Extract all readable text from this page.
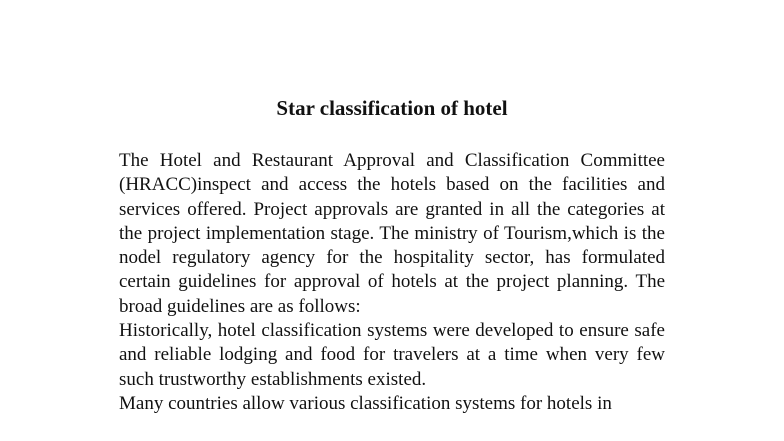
Star classification of hotel

The Hotel and Restaurant Approval and Classification Committee (HRACC)inspect and access the hotels based on the facilities and services offered. Project approvals are granted in all the categories at the project implementation stage. The ministry of Tourism,which is the nodel regulatory agency for the hospitality sector, has formulated certain guidelines for approval of hotels at the project planning. The broad guidelines are as follows:

Historically, hotel classification systems were developed to ensure safe and reliable lodging and food for travelers at a time when very few such trustworthy establishments existed.

Many countries allow various classification systems for hotels in
